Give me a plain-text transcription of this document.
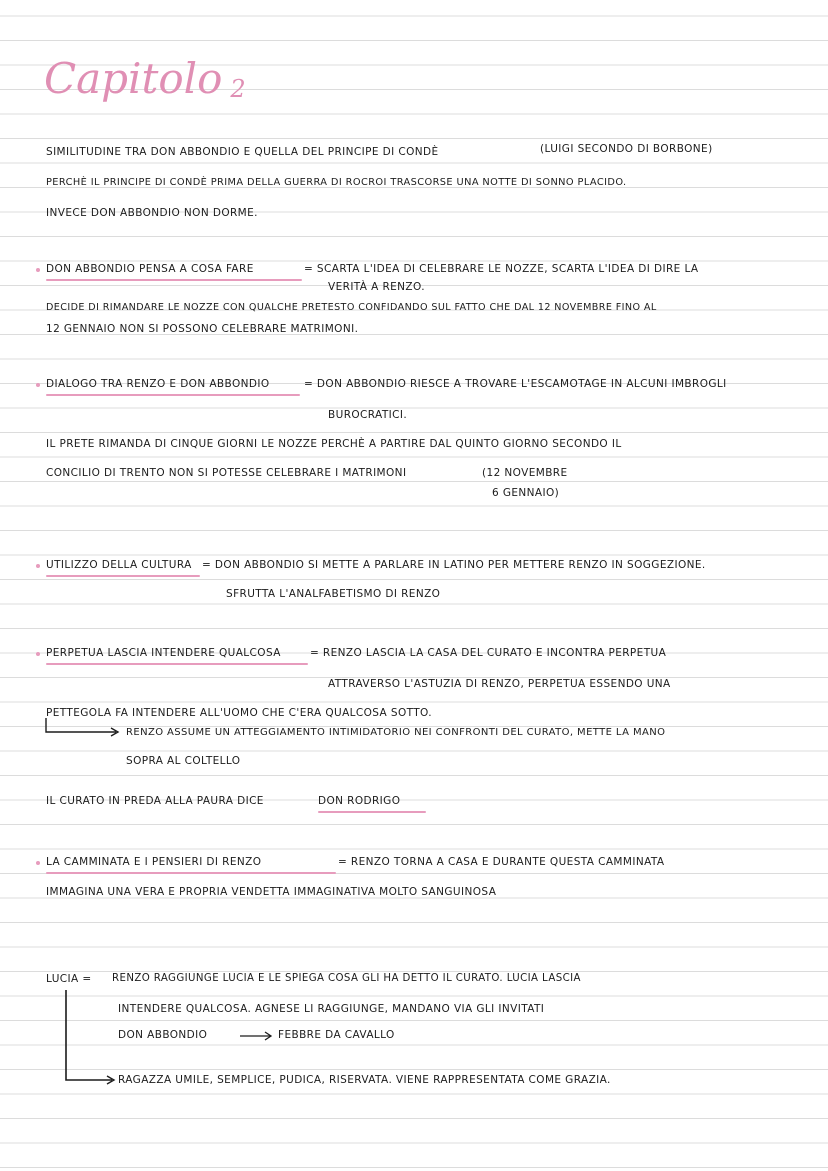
Capitolo 2
SIMILITUDINE TRA DON ABBONDIO E QUELLA DEL PRINCIPE DI CONDÈ	(LUIGI SECONDO DI BORBONE)
PERCHÈ IL PRINCIPE DI CONDÈ PRIMA DELLA GUERRA DI ROCROI TRASCORSE UNA NOTTE DI SONNO PLACIDO.
INVECE DON ABBONDIO NON DORME.
DON ABBONDIO PENSA A COSA FARE	= SCARTA L'IDEA DI CELEBRARE LE NOZZE, SCARTA L'IDEA DI DIRE LA
VERITÀ A RENZO.
DECIDE DI RIMANDARE LE NOZZE CON QUALCHE PRETESTO CONFIDANDO SUL FATTO CHE DAL 12 NOVEMBRE FINO AL
12 GENNAIO NON SI POSSONO CELEBRARE MATRIMONI.
DIALOGO TRA RENZO E DON ABBONDIO	= DON ABBONDIO RIESCE A TROVARE L'ESCAMOTAGE IN ALCUNI IMBROGLI
BUROCRATICI.
IL PRETE RIMANDA DI CINQUE GIORNI LE NOZZE PERCHÈ A PARTIRE DAL QUINTO GIORNO SECONDO IL
CONCILIO DI TRENTO NON SI POTESSE CELEBRARE I MATRIMONI	(12 NOVEMBRE
6 GENNAIO)
UTILIZZO DELLA CULTURA = DON ABBONDIO SI METTE A PARLARE IN LATINO PER METTERE RENZO IN SOGGEZIONE.
SFRUTTA L'ANALFABETISMO DI RENZO
PERPETUA LASCIA INTENDERE QUALCOSA	= RENZO LASCIA LA CASA DEL CURATO E INCONTRA PERPETUA
ATTRAVERSO L'ASTUZIA DI RENZO, PERPETUA ESSENDO UNA
PETTEGOLA FA INTENDERE ALL'UOMO CHE C'ERA QUALCOSA SOTTO.
RENZO ASSUME UN ATTEGGIAMENTO INTIMIDATORIO NEI CONFRONTI DEL CURATO, METTE LA MANO
SOPRA AL COLTELLO
IL CURATO IN PREDA ALLA PAURA DICE	DON RODRIGO
LA CAMMINATA E I PENSIERI DI RENZO	= RENZO TORNA A CASA E DURANTE QUESTA CAMMINATA
IMMAGINA UNA VERA E PROPRIA VENDETTA IMMAGINATIVA MOLTO SANGUINOSA
LUCIA = RENZO RAGGIUNGE LUCIA E LE SPIEGA COSA GLI HA DETTO IL CURATO. LUCIA LASCIA
INTENDERE QUALCOSA. AGNESE LI RAGGIUNGE, MANDANO VIA GLI INVITATI
DON ABBONDIO	FEBBRE DA CAVALLO
RAGAZZA UMILE, SEMPLICE, PUDICA, RISERVATA. VIENE RAPPRESENTATA COME GRAZIA.
